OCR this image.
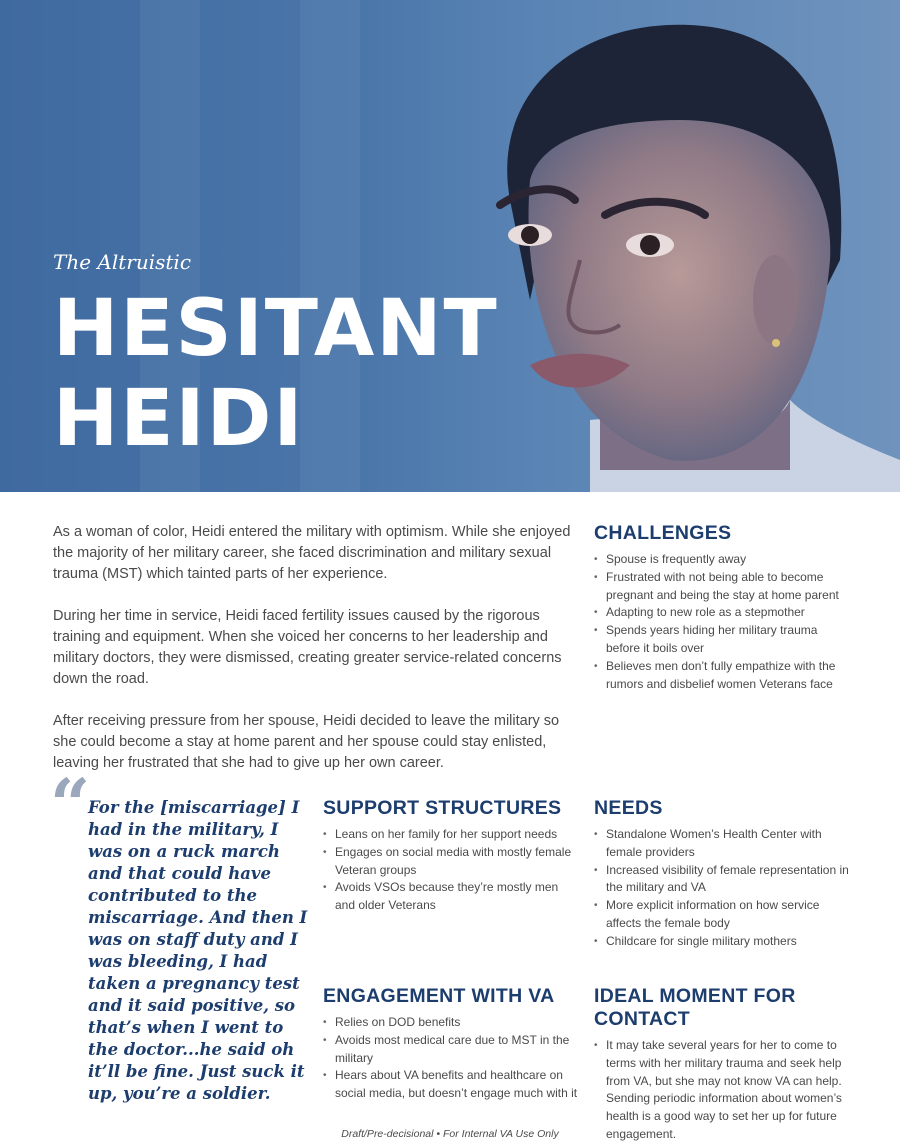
The Altruistic
HESITANT
HEIDI

As a woman of color, Heidi entered the military with optimism. While she enjoyed the majority of her military career, she faced discrimination and military sexual trauma (MST) which tainted parts of her experience.

During her time in service, Heidi faced fertility issues caused by the rigorous training and equipment. When she voiced her concerns to her leadership and military doctors, they were dismissed, creating greater service-related concerns down the road.

After receiving pressure from her spouse, Heidi decided to leave the military so she could become a stay at home parent and her spouse could stay enlisted, leaving her frustrated that she had to give up her own career.

CHALLENGES
• Spouse is frequently away
• Frustrated with not being able to become pregnant and being the stay at home parent
• Adapting to new role as a stepmother
• Spends years hiding her military trauma before it boils over
• Believes men don’t fully empathize with the rumors and disbelief women Veterans face
“
For the [miscarriage] I had in the military, I was on a ruck march and that could have contributed to the miscarriage. And then I was on staff duty and I was bleeding, I had taken a pregnancy test and it said positive, so that’s when I went to the doctor...he said oh it’ll be fine. Just suck it up, you’re a soldier.
SUPPORT STRUCTURES
• Leans on her family for her support needs
• Engages on social media with mostly female Veteran groups
• Avoids VSOs because they’re mostly men and older Veterans
NEEDS
• Standalone Women’s Health Center with female providers
• Increased visibility of female representation in the military and VA
• More explicit information on how service affects the female body
• Childcare for single military mothers
ENGAGEMENT WITH VA
• Relies on DOD benefits
• Avoids most medical care due to MST in the military
• Hears about VA benefits and healthcare on social media, but doesn’t engage much with it
IDEAL MOMENT FOR CONTACT
• It may take several years for her to come to terms with her military trauma and seek help from VA, but she may not know VA can help. Sending periodic information about women’s health is a good way to set her up for future engagement.
Draft/Pre-decisional • For Internal VA Use Only
